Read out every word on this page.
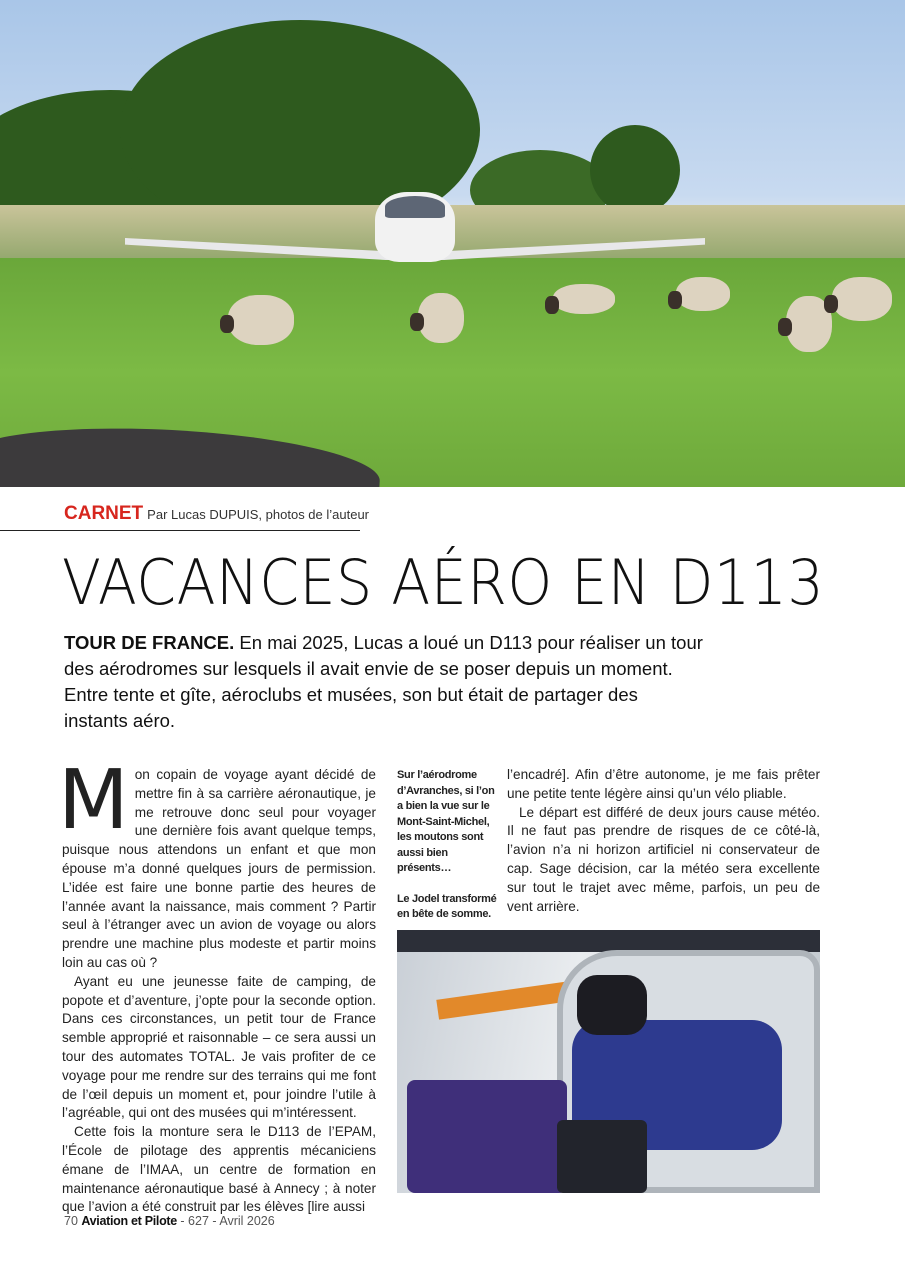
CARNET Par Lucas DUPUIS, photos de l’auteur
VACANCES AÉRO EN D113
TOUR DE FRANCE. En mai 2025, Lucas a loué un D113 pour réaliser un tour des aérodromes sur lesquels il avait envie de se poser depuis un moment. Entre tente et gîte, aéroclubs et musées, son but était de partager des instants aéro.

Mon copain de voyage ayant décidé de mettre fin à sa carrière aéronautique, je me retrouve donc seul pour voyager une dernière fois avant quelque temps, puisque nous attendons un enfant et que mon épouse m’a donné quelques jours de permission. L’idée est faire une bonne partie des heures de l’année avant la naissance, mais comment ? Partir seul à l’étranger avec un avion de voyage ou alors prendre une machine plus modeste et partir moins loin au cas où ?

Ayant eu une jeunesse faite de camping, de popote et d’aventure, j’opte pour la seconde option. Dans ces circonstances, un petit tour de France semble approprié et raisonnable – ce sera aussi un tour des automates TOTAL. Je vais profiter de ce voyage pour me rendre sur des terrains qui me font de l’œil depuis un moment et, pour joindre l’utile à l’agréable, qui ont des musées qui m’intéressent.

Cette fois la monture sera le D113 de l’EPAM, l’École de pilotage des apprentis mécaniciens émane de l’IMAA, un centre de formation en maintenance aéronautique basé à Annecy ; à noter que l’avion a été construit par les élèves [lire aussi

Sur l’aérodrome d’Avranches, si l’on a bien la vue sur le Mont-Saint-Michel, les moutons sont aussi bien présents…

Le Jodel transformé en bête de somme.

l’encadré]. Afin d’être autonome, je me fais prêter une petite tente légère ainsi qu’un vélo pliable.

Le départ est différé de deux jours cause météo. Il ne faut pas prendre de risques de ce côté-là, l’avion n’a ni horizon artificiel ni conservateur de cap. Sage décision, car la météo sera excellente sur tout le trajet avec même, parfois, un peu de vent arrière.

70 Aviation et Pilote - 627 - Avril 2026
